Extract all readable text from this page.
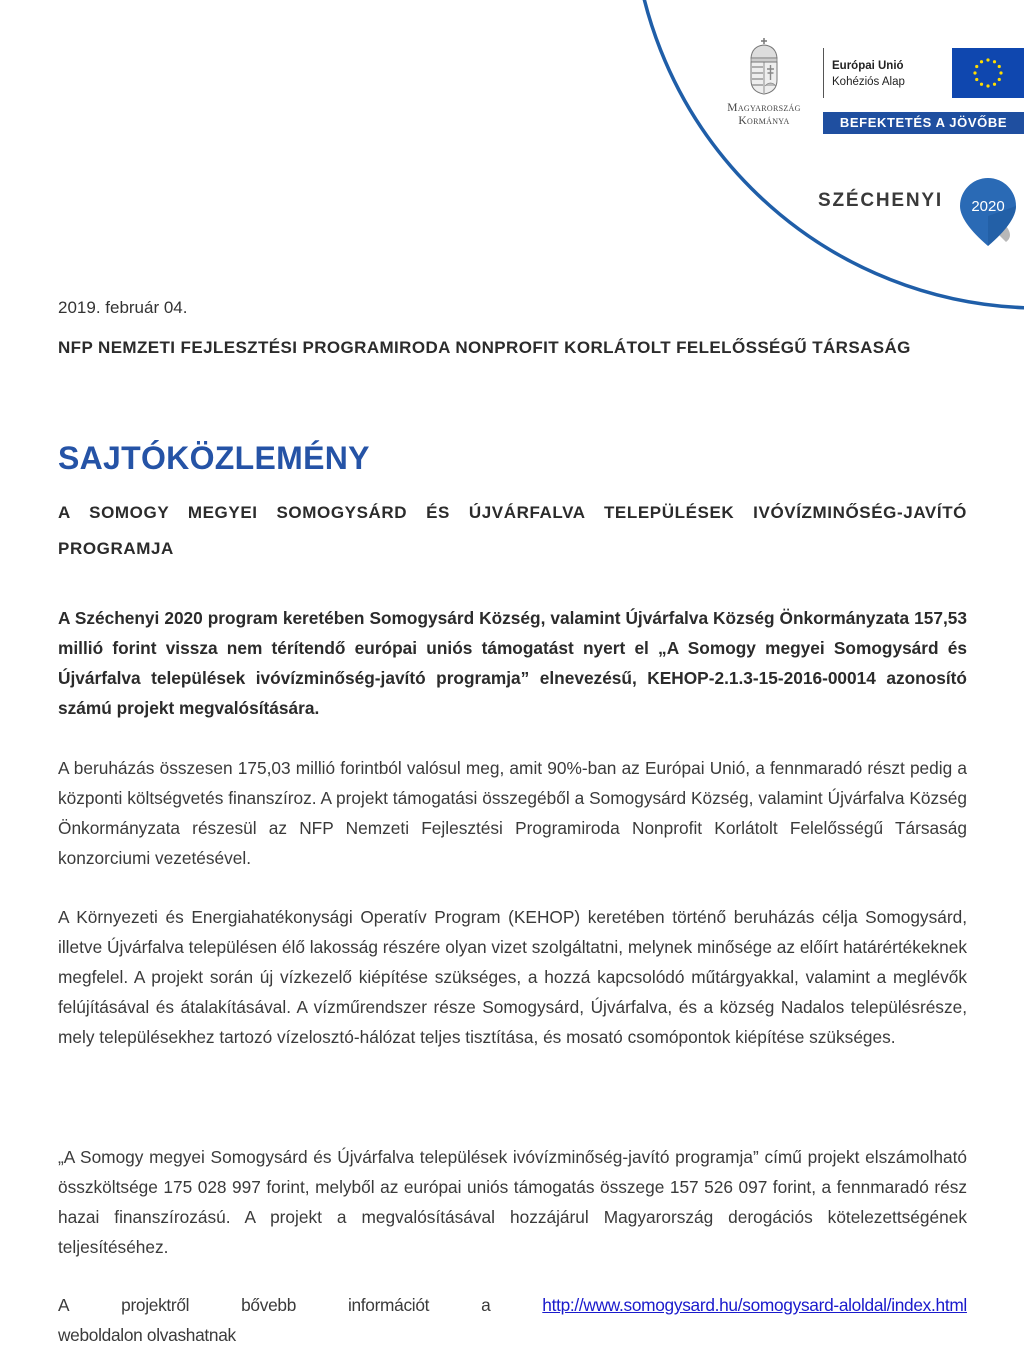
Magyarország
Kormánya
Európai Unió
Kohéziós Alap
BEFEKTETÉS A JÖVŐBE
SZÉCHENYI 2020
2019. február 04.
NFP NEMZETI FEJLESZTÉSI PROGRAMIRODA NONPROFIT KORLÁTOLT FELELŐSSÉGŰ TÁRSASÁG
SAJTÓKÖZLEMÉNY
A SOMOGY MEGYEI SOMOGYSÁRD ÉS ÚJVÁRFALVA TELEPÜLÉSEK IVÓVÍZMINŐSÉG-JAVÍTÓ PROGRAMJA
A Széchenyi 2020 program keretében Somogysárd Község, valamint Újvárfalva Község Önkormányzata 157,53 millió forint vissza nem térítendő európai uniós támogatást nyert el „A Somogy megyei Somogysárd és Újvárfalva települések ivóvízminőség-javító programja” elnevezésű, KEHOP-2.1.3-15-2016-00014 azonosító számú projekt megvalósítására.
A beruházás összesen 175,03 millió forintból valósul meg, amit 90%-ban az Európai Unió, a fennmaradó részt pedig a központi költségvetés finanszíroz. A projekt támogatási összegéből a Somogysárd Község, valamint Újvárfalva Község Önkormányzata részesül az NFP Nemzeti Fejlesztési Programiroda Nonprofit Korlátolt Felelősségű Társaság konzorciumi vezetésével.
A Környezeti és Energiahatékonysági Operatív Program (KEHOP) keretében történő beruházás célja Somogysárd, illetve Újvárfalva településen élő lakosság részére olyan vizet szolgáltatni, melynek minősége az előírt határértékeknek megfelel. A projekt során új vízkezelő kiépítése szükséges, a hozzá kapcsolódó műtárgyakkal, valamint a meglévők felújításával és átalakításával. A vízműrendszer része Somogysárd, Újvárfalva, és a község Nadalos településrésze, mely településekhez tartozó vízelosztó-hálózat teljes tisztítása, és mosató csomópontok kiépítése szükséges.
„A Somogy megyei Somogysárd és Újvárfalva települések ivóvízminőség-javító programja” című projekt elszámolható összköltsége 175 028 997 forint, melyből az európai uniós támogatás összege 157 526 097 forint, a fennmaradó rész hazai finanszírozású. A projekt a megvalósításával hozzájárul Magyarország derogációs kötelezettségének teljesítéséhez.
A	projektről	bővebb	információt	a	http://www.somogysard.hu/somogysard-aloldal/index.html
weboldalon olvashatnak
